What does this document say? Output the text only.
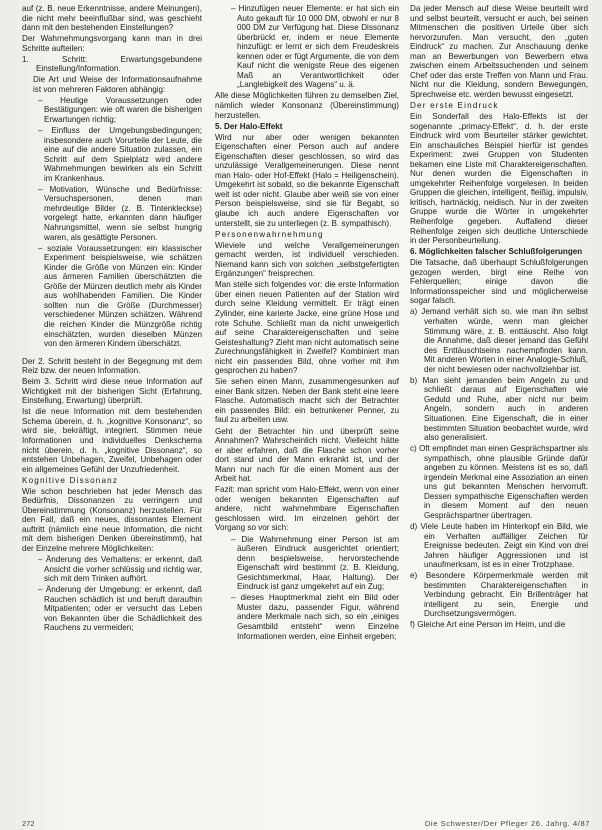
auf (z. B. neue Erkenntnisse, andere Meinungen), die nicht mehr beeinflußbar sind, was geschieht dann mit den bestehenden Einstellungen?

Der Wahrnehmungsvorgang kann man in drei Schritte aufteilen:

1. Schritt: Erwartungsgebundene Einstellung/Information.

Die Art und Weise der Informationsaufnahme ist von mehreren Faktoren abhängig:

– Heutige Voraussetzungen oder Bestätigungen: wie oft waren die bisherigen Erwartungen richtig;

– Einfluss der Umgebungsbedingungen; insbesondere auch Vorurteile der Leute, die eine auf die andere Situation zulassen, ein Schritt auf dem Spielplatz wird andere Wahrnehmungen bewirken als ein Schritt im Krankenhaus.

– Motivation, Wünsche und Bedürfnisse: Versuchspersonen, denen man mehrdeutige Bilder (z. B. Tintenkleckse) vorgelegt hatte, erkannten dann häufiger Nahrungsmittel, wenn sie selbst hungrig waren, als gesättigte Personen.

– soziale Voraussetzungen: ein klassischer Experiment beispielsweise, wie schätzen Kinder die Größe von Münzen ein: Kinder aus ärmeren Familien überschätzten die Größe der Münzen deutlich mehr als Kinder aus wohlhabenden Familien. Die Kinder sollten nun die Größe (Durchmesser) verschiedener Münzen schätzen. Während die reichen Kinder die Münzgröße richtig einschätzten, wurden dieselben Münzen von den ärmeren Kindern überschätzt.

Der 2. Schritt besteht in der Begegnung mit dem Reiz bzw. der neuen Information.

Beim 3. Schritt wird diese neue Information auf Wichtigkeit mit der bisherigen Sicht (Erfahrung, Einstellung, Erwartung) überprüft.

Ist die neue Information mit dem bestehenden Schema überein, d. h. „kognitive Konsonanz“, so wird sie, bekräftigt, integriert. Stimmen neue Informationen und individuelles Denkschema nicht überein, d. h. „kognitive Dissonanz“, so entstehen Unbehagen, Zweifel, Unbehagen oder ein allgemeines Gefühl der Unzufriedenheit.

Kognitive Dissonanz

Wie schon beschrieben hat jeder Mensch das Bedürfnis, Dissonanzen zu verringern und Übereinstimmung (Konsonanz) herzustellen. Für den Fall, daß ein neues, dissonantes Element auftritt (nämlich eine neue Information, die nicht mit dem bisherigen Denken übereinstimmt), hat der Einzelne mehrere Möglichkeiten:

– Änderung des Verhaltens: er erkennt, daß Ansicht die vorher schlüssig und richtig war, sich mit dem Trinken aufhört.

– Änderung der Umgebung: er erkennt, daß Rauchen schädlich ist und beruft daraufhin Mitpatienten; oder er versucht das Leben von Bekannten über die Schädlichkeit des Rauchens zu vermeiden;

– Hinzufügen neuer Elemente: er hat sich ein Auto gekauft für 10 000 DM, obwohl er nur 8 000 DM zur Verfügung hat. Diese Dissonanz überbrückt er, indem er neue Elemente hinzufügt: er lernt er sich dem Freudeskreis kennen oder er fügt Argumente, die von dem Kauf nicht die wenigste Reue des eigenen Maß an Verantwortlichkeit oder „Langlebigkeit des Wagens“ u. ä.

Alle diese Möglichkeiten führen zu demselben Ziel, nämlich wieder Konsonanz (Übereinstimmung) herzustellen.

5. Der Halo-Effekt

Wird nur aber oder wenigen bekannten Eigenschaften einer Person auch auf andere Eigenschaften dieser geschlossen, so wird das unzulässige Verallgemeinerungen. Diese nennt man Halo- oder Hof-Effekt (Halo = Heiligenschein). Umgekehrt ist sobald, so die bekannte Eigenschaft weit ist oder nicht. Glaube aber weiß sie von einer Person beispielsweise, sind sie für Begabt, so glaube ich auch andere Eigenschaften vor unterstellt, sie zu unterliegen (z. B. sympathisch).

Personenwahrnehmung

Wieviele und welche Verallgemeinerungen gemacht werden, ist individuell verschieden. Niemand kann sich von solchen „selbstgefertigten Ergänzungen“ freisprechen.

Man stelle sich folgendes vor: die erste Information über einen neuen Patienten auf der Station wird durch seine Kleidung vermittelt. Er trägt einen Zylinder, eine karierte Jacke, eine grüne Hose und rote Schuhe. Schließt man da nicht unweigerlich auf seine Charaktereigenschaften und seine Geisteshaltung? Zieht man nicht automatisch seine Zurechnungsfähigkeit in Zweifel? Kombiniert man nicht ein passendes Bild, ohne vorher mit ihm gesprochen zu haben?

Sie sehen einen Mann, zusammengesunken auf einer Bank sitzen. Neben der Bank steht eine leere Flasche. Automatisch macht sich der Betrachter ein passendes Bild: ein betrunkener Penner, zu faul zu arbeiten usw.

Geht der Betrachter hin und überprüft seine Annahmen? Wahrscheinlich nicht. Vielleicht hätte er aber erfahren, daß die Flasche schon vorher dort stand und der Mann erkrankt ist, und der Mann nur nach für die einen Moment aus der Arbeit hat.

Fazit: man spricht vom Halo-Effekt, wenn von einer oder wenigen bekannten Eigenschaften auf andere, nicht wahrnehmbare Eigenschaften geschlossen wird. Im einzelnen gehört der Vorgang so vor sich:

– Die Wahrnehmung einer Person ist am äußeren Eindruck ausgerichtet orientiert; denn bespielsweise, hervorstechende Eigenschaft wird bestimmt (z. B. Kleidung, Gesichtsmerkmal, Haar, Haltung). Der Eindruck ist ganz umgekehrt auf ein Zug;

– dieses Hauptmerkmal zieht ein Bild oder Muster dazu, passender Figur, während andere Merkmale nach sich, so ein „einiges Gesamtbild entsteht“ wenn Einzelne Informationen werden, eine Einheit ergeben;

Da jeder Mensch auf diese Weise beurteilt wird und selbst beurteilt, versucht er auch, bei seinen Mitmenschen die positiven Urteile über sich hervorzurufen. Man versucht, den „guten Eindruck“ zu machen. Zur Anschauung denke man an Bewerbungen von Bewerbern etwa zwischen einem Arbeitssuchenden und seinem Chef oder das erste Treffen von Mann und Frau. Nicht nur die Kleidung, sondern Bewegungen, Sprechweise etc. werden bewusst eingesetzt.

Der erste Eindruck

Ein Sonderfall des Halo-Effekts ist der sogenannte „primacy-Effekt“, d. h. der erste Eindruck wird vom Beurteiler stärker gewichtet. Ein anschauliches Beispiel hierfür ist gendes Experiment: zwei Gruppen von Studenten bekamen eine Liste mit Charaktereigenschaften. Nur denen wurden die Eigenschaften in umgekehrter Reihenfolge vorgelesen. In beiden Gruppen die gleichen, intelligent, fleißig, impulsiv, kritisch, hartnäckig, neidisch. Nur in der zweiten Gruppe wurde die Wörter in umgekehrter Reihenfolge gegeben. Auffallend dieser Reihenfolge zeigen sich deutliche Unterschiede in der Personbeurteilung.

6. Möglichkeiten falscher Schlußfolgerungen

Die Tatsache, daß überhaupt Schlußfolgerungen gezogen werden, birgt eine Reihe von Fehlerquellen; einige davon die Informationsspeicher sind und möglicherweise sogar falsch.

a) Jemand verhält sich so, wie man ihn selbst verhalten würde, wenn man gleicher Stimmung wäre, z. B. enttäuscht. Also folgt die Annahme, daß dieser jemand das Gefühl des Enttäuschtseins nachempfinden kann. Mit anderen Worten in einer Analogie-Schluß, der nicht bewiesen oder nachvollziehbar ist.

b) Man sieht jemanden beim Angeln zu und schließt daraus auf Eigenschaften wie Geduld und Ruhe, aber nicht nur beim Angeln, sondern auch in anderen Situationen. Eine Eigenschaft, die in einer bestimmten Situation beobachtet wurde, wird also generalisiert.

c) Oft empfindet man einen Gesprächspartner als sympathisch, ohne plausible Gründe dafür angeben zu können. Meistens ist es so, daß irgendein Merkmal eine Assoziation an einen uns gut bekannten Menschen hervorruft. Dessen sympathische Eigenschaften werden in diesem Moment auf den neuen Gesprächspartner übertragen.

d) Viele Leute haben im Hinterkopf ein Bild, wie ein Verhalten auffälliger Zeichen für Ereignisse bedeuten. Zeigt ein Kind von drei Jahren häufiger Aggressionen und ist unaufmerksam, ist es in einer Trotzphase.

e) Besondere Körpermerkmale werden mit bestimmten Charaktereigenschaften in Verbindung gebracht. Ein Brillenträger hat intelligent zu sein, Energie und Durchsetzungsvermögen.

f) Gleiche Art eine Person im Heim, und die

272	Die Schwester/Der Pfleger 26. Jahrg. 4/87
